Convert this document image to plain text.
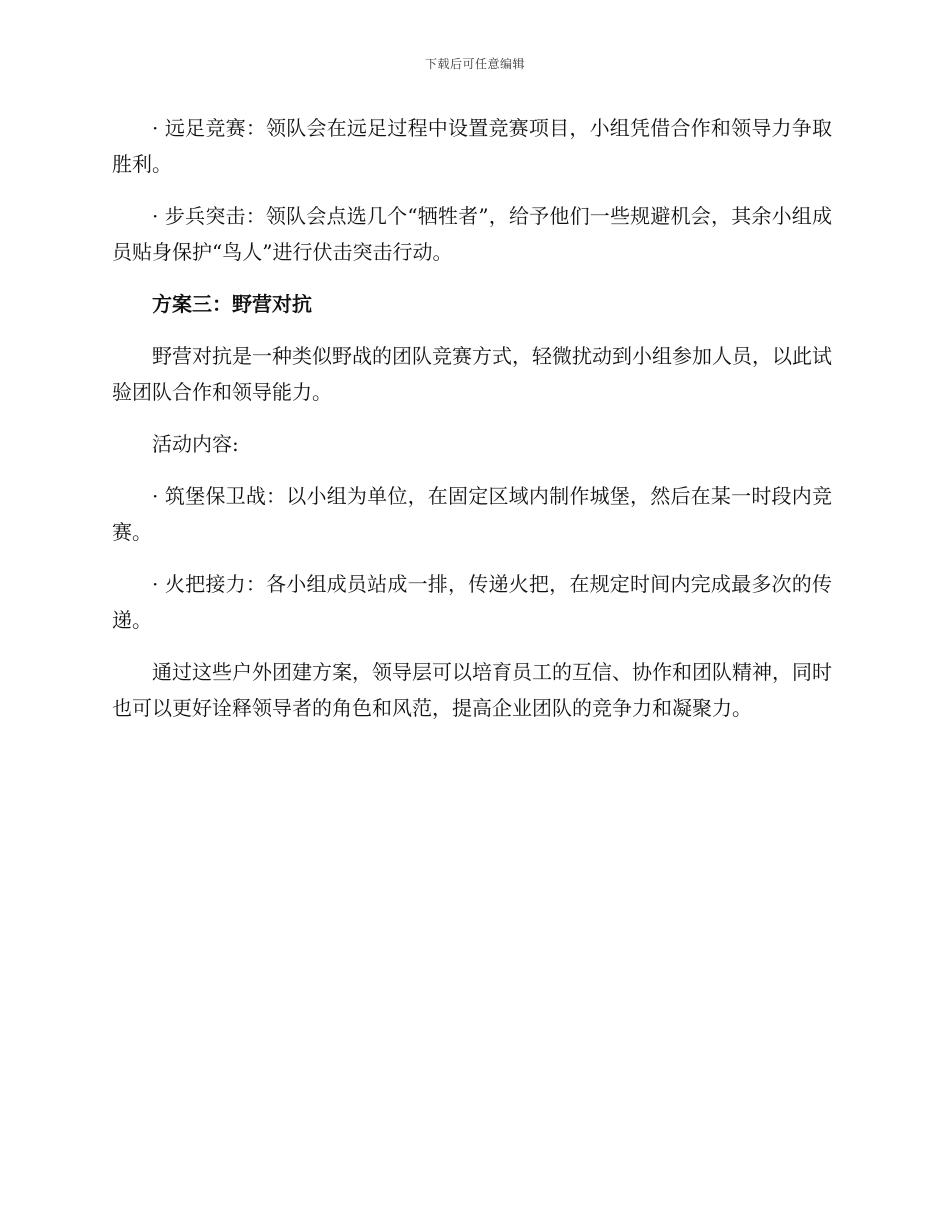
下载后可任意编辑

· 远足竞赛：领队会在远足过程中设置竞赛项目，小组凭借合作和领导力争取胜利。

· 步兵突击：领队会点选几个“牺牲者”，给予他们一些规避机会，其余小组成员贴身保护“鸟人”进行伏击突击行动。

方案三：野营对抗

野营对抗是一种类似野战的团队竞赛方式，轻微扰动到小组参加人员，以此试验团队合作和领导能力。

活动内容:

· 筑堡保卫战：以小组为单位，在固定区域内制作城堡，然后在某一时段内竞赛。

· 火把接力：各小组成员站成一排，传递火把，在规定时间内完成最多次的传递。

通过这些户外团建方案，领导层可以培育员工的互信、协作和团队精神，同时也可以更好诠释领导者的角色和风范，提高企业团队的竞争力和凝聚力。
